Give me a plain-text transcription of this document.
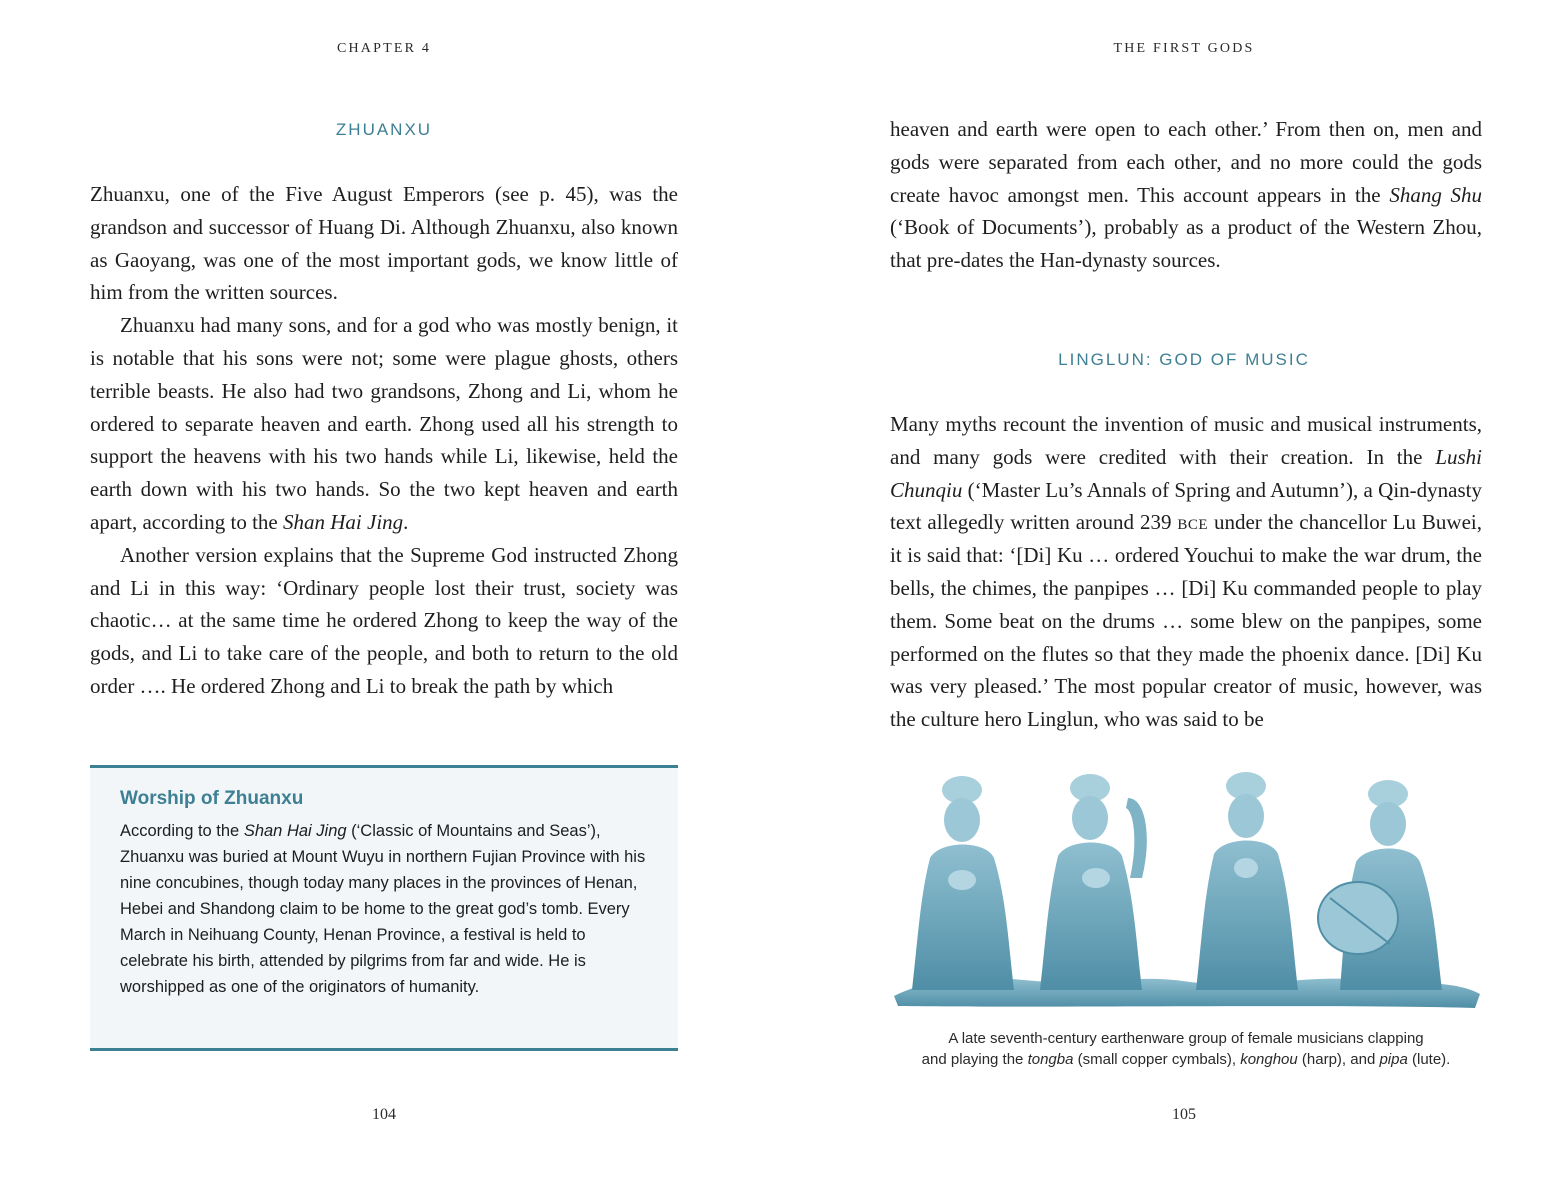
CHAPTER 4
ZHUANXU

Zhuanxu, one of the Five August Emperors (see p. 45), was the grandson and successor of Huang Di. Although Zhuanxu, also known as Gaoyang, was one of the most important gods, we know little of him from the written sources.

Zhuanxu had many sons, and for a god who was mostly benign, it is notable that his sons were not; some were plague ghosts, others terrible beasts. He also had two grandsons, Zhong and Li, whom he ordered to separate heaven and earth. Zhong used all his strength to support the heavens with his two hands while Li, likewise, held the earth down with his two hands. So the two kept heaven and earth apart, according to the Shan Hai Jing.

Another version explains that the Supreme God instructed Zhong and Li in this way: ‘Ordinary people lost their trust, society was chaotic… at the same time he ordered Zhong to keep the way of the gods, and Li to take care of the people, and both to return to the old order …. He ordered Zhong and Li to break the path by which

Worship of Zhuanxu

According to the Shan Hai Jing (‘Classic of Mountains and Seas’), Zhuanxu was buried at Mount Wuyu in northern Fujian Province with his nine concubines, though today many places in the provinces of Henan, Hebei and Shandong claim to be home to the great god’s tomb. Every March in Neihuang County, Henan Province, a festival is held to celebrate his birth, attended by pilgrims from far and wide. He is worshipped as one of the originators of humanity.

104
THE FIRST GODS

heaven and earth were open to each other.’ From then on, men and gods were separated from each other, and no more could the gods create havoc amongst men. This account appears in the Shang Shu (‘Book of Documents’), probably as a product of the Western Zhou, that pre-dates the Han-dynasty sources.

LINGLUN: GOD OF MUSIC

Many myths recount the invention of music and musical instruments, and many gods were credited with their creation. In the Lushi Chunqiu (‘Master Lu’s Annals of Spring and Autumn’), a Qin-dynasty text allegedly written around 239 bce under the chancellor Lu Buwei, it is said that: ‘[Di] Ku … ordered Youchui to make the war drum, the bells, the chimes, the panpipes … [Di] Ku commanded people to play them. Some beat on the drums … some blew on the panpipes, some performed on the flutes so that they made the phoenix dance. [Di] Ku was very pleased.’ The most popular creator of music, however, was the culture hero Linglun, who was said to be

A late seventh-century earthenware group of female musicians clapping
and playing the tongba (small copper cymbals), konghou (harp), and pipa (lute).
105
